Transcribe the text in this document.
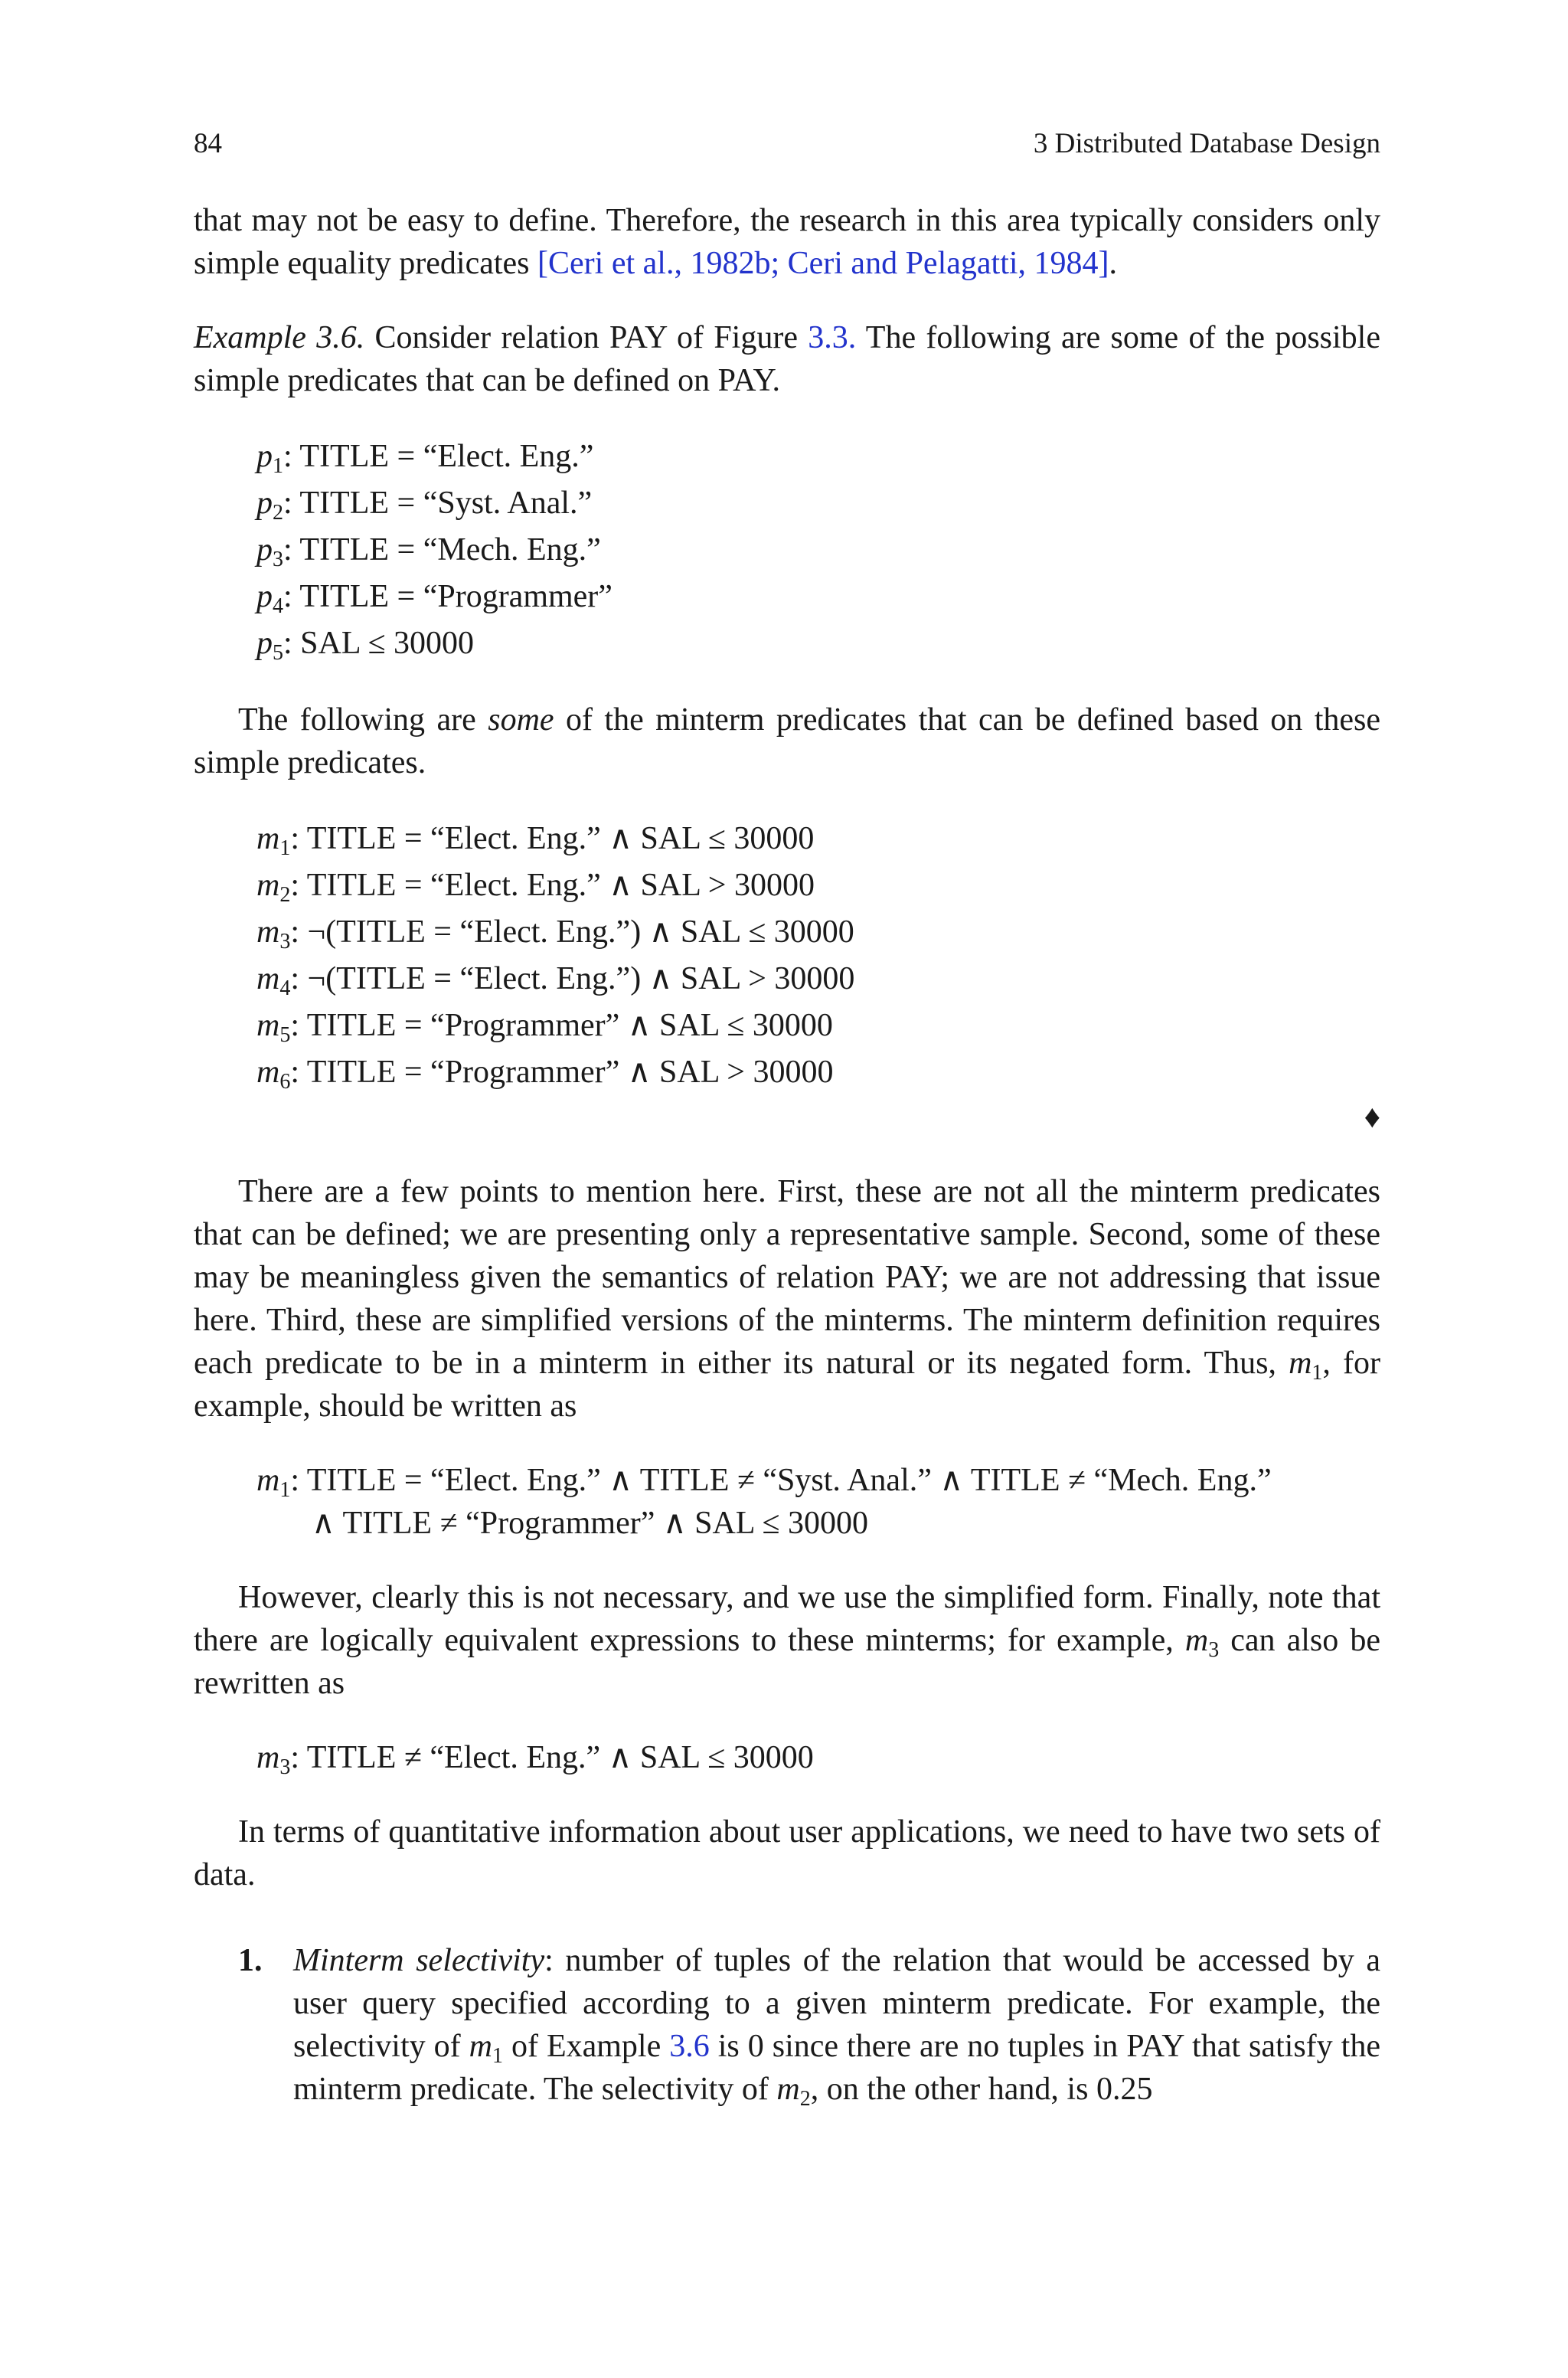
84	3 Distributed Database Design

that may not be easy to define. Therefore, the research in this area typically considers only simple equality predicates [Ceri et al., 1982b; Ceri and Pelagatti, 1984].

Example 3.6. Consider relation PAY of Figure 3.3. The following are some of the possible simple predicates that can be defined on PAY.

$p_1$: TITLE = “Elect. Eng.”
$p_2$: TITLE = “Syst. Anal.”
$p_3$: TITLE = “Mech. Eng.”
$p_4$: TITLE = “Programmer”
$p_5$: SAL ≤ 30000

The following are some of the minterm predicates that can be defined based on these simple predicates.

$m_1$: TITLE = “Elect. Eng.” ∧ SAL ≤ 30000
$m_2$: TITLE = “Elect. Eng.” ∧ SAL > 30000
$m_3$: ¬(TITLE = “Elect. Eng.”) ∧ SAL ≤ 30000
$m_4$: ¬(TITLE = “Elect. Eng.”) ∧ SAL > 30000
$m_5$: TITLE = “Programmer” ∧ SAL ≤ 30000
$m_6$: TITLE = “Programmer” ∧ SAL > 30000
♦

There are a few points to mention here. First, these are not all the minterm predicates that can be defined; we are presenting only a representative sample. Second, some of these may be meaningless given the semantics of relation PAY; we are not addressing that issue here. Third, these are simplified versions of the minterms. The minterm definition requires each predicate to be in a minterm in either its natural or its negated form. Thus, $m_1$, for example, should be written as

$m_1$: TITLE = “Elect. Eng.” ∧ TITLE ≠ “Syst. Anal.” ∧ TITLE ≠ “Mech. Eng.”
∧ TITLE ≠ “Programmer” ∧ SAL ≤ 30000

However, clearly this is not necessary, and we use the simplified form. Finally, note that there are logically equivalent expressions to these minterms; for example, $m_3$ can also be rewritten as

$m_3$: TITLE ≠ “Elect. Eng.” ∧ SAL ≤ 30000

In terms of quantitative information about user applications, we need to have two sets of data.

1. Minterm selectivity: number of tuples of the relation that would be accessed by a user query specified according to a given minterm predicate. For example, the selectivity of $m_1$ of Example 3.6 is 0 since there are no tuples in PAY that satisfy the minterm predicate. The selectivity of $m_2$, on the other hand, is 0.25
